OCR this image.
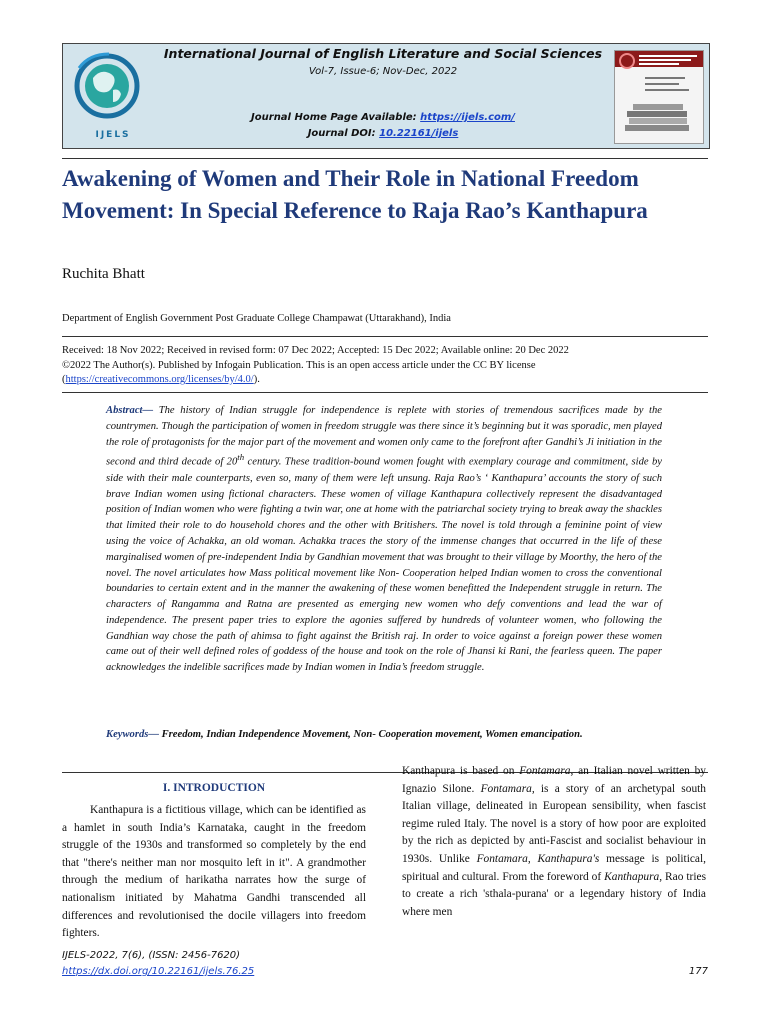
IJELS
International Journal of English Literature and Social Sciences
Vol-7, Issue-6; Nov-Dec, 2022
Journal Home Page Available: https://ijels.com/
Journal DOI: 10.22161/ijels
Awakening of Women and Their Role in National Freedom Movement: In Special Reference to Raja Rao’s Kanthapura
Ruchita Bhatt
Department of English Government Post Graduate College Champawat (Uttarakhand), India
Received: 18 Nov 2022; Received in revised form: 07 Dec 2022; Accepted: 15 Dec 2022; Available online: 20 Dec 2022
©2022 The Author(s). Published by Infogain Publication. This is an open access article under the CC BY license
(https://creativecommons.org/licenses/by/4.0/).
Abstract— The history of Indian struggle for independence is replete with stories of tremendous sacrifices made by the countrymen. Though the participation of women in freedom struggle was there since it’s beginning but it was sporadic, men played the role of protagonists for the major part of the movement and women only came to the forefront after Gandhi’s Ji initiation in the second and third decade of 20th century. These tradition-bound women fought with exemplary courage and commitment, side by side with their male counterparts, even so, many of them were left unsung. Raja Rao’s ‘ Kanthapura’ accounts the story of such brave Indian women using fictional characters. These women of village Kanthapura collectively represent the disadvantaged position of Indian women who were fighting a twin war, one at home with the patriarchal society trying to break away the shackles that limited their role to do household chores and the other with Britishers. The novel is told through a feminine point of view using the voice of Achakka, an old woman. Achakka traces the story of the immense changes that occurred in the life of these marginalised women of pre-independent India by Gandhian movement that was brought to their village by Moorthy, the hero of the novel. The novel articulates how Mass political movement like Non- Cooperation helped Indian women to cross the conventional boundaries to certain extent and in the manner the awakening of these women benefitted the Independent struggle in return. The characters of Rangamma and Ratna are presented as emerging new women who defy conventions and lead the war of independence. The present paper tries to explore the agonies suffered by hundreds of volunteer women, who following the Gandhian way chose the path of ahimsa to fight against the British raj. In order to voice against a foreign power these women came out of their well defined roles of goddess of the house and took on the role of Jhansi ki Rani, the fearless queen. The paper acknowledges the indelible sacrifices made by Indian women in India’s freedom struggle.
Keywords— Freedom, Indian Independence Movement, Non- Cooperation movement, Women emancipation.
I. INTRODUCTION
Kanthapura is a fictitious village, which can be identified as a hamlet in south India’s Karnataka, caught in the freedom struggle of the 1930s and transformed so completely by the end that "there's neither man nor mosquito left in it". A grandmother through the medium of harikatha narrates how the surge of nationalism initiated by Mahatma Gandhi transcended all differences and revolutionised the docile villagers into freedom fighters.
Kanthapura is based on Fontamara, an Italian novel written by Ignazio Silone. Fontamara, is a story of an archetypal south Italian village, delineated in European sensibility, when fascist regime ruled Italy. The novel is a story of how poor are exploited by the rich as depicted by anti-Fascist and socialist behaviour in 1930s. Unlike Fontamara, Kanthapura's message is political, spiritual and cultural. From the foreword of Kanthapura, Rao tries to create a rich 'sthala-purana' or a legendary history of India where men
IJELS-2022, 7(6), (ISSN: 2456-7620)
https://dx.doi.org/10.22161/ijels.76.25	177
